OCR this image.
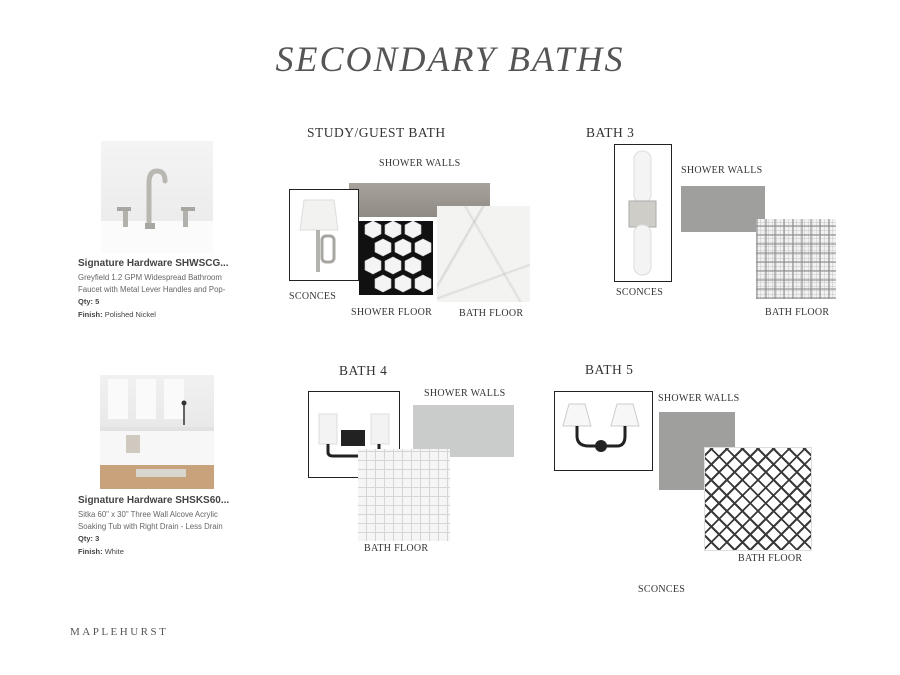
SECONDARY BATHS
Signature Hardware SHWSCG...
Greyfield 1.2 GPM Widespread Bathroom Faucet with Metal Lever Handles and Pop-
Qty: 5
Finish: Polished Nickel
Signature Hardware SHSKS60...
Sitka 60" x 30" Three Wall Alcove Acrylic Soaking Tub with Right Drain - Less Drain
Qty: 3
Finish: White
STUDY/GUEST BATH
SHOWER WALLS
SCONCES
SHOWER FLOOR	BATH FLOOR
BATH 3
SHOWER WALLS
SCONCES
BATH FLOOR
BATH 4
SHOWER WALLS
BATH FLOOR
BATH 5
SHOWER WALLS
BATH FLOOR
SCONCES
MAPLEHURST
